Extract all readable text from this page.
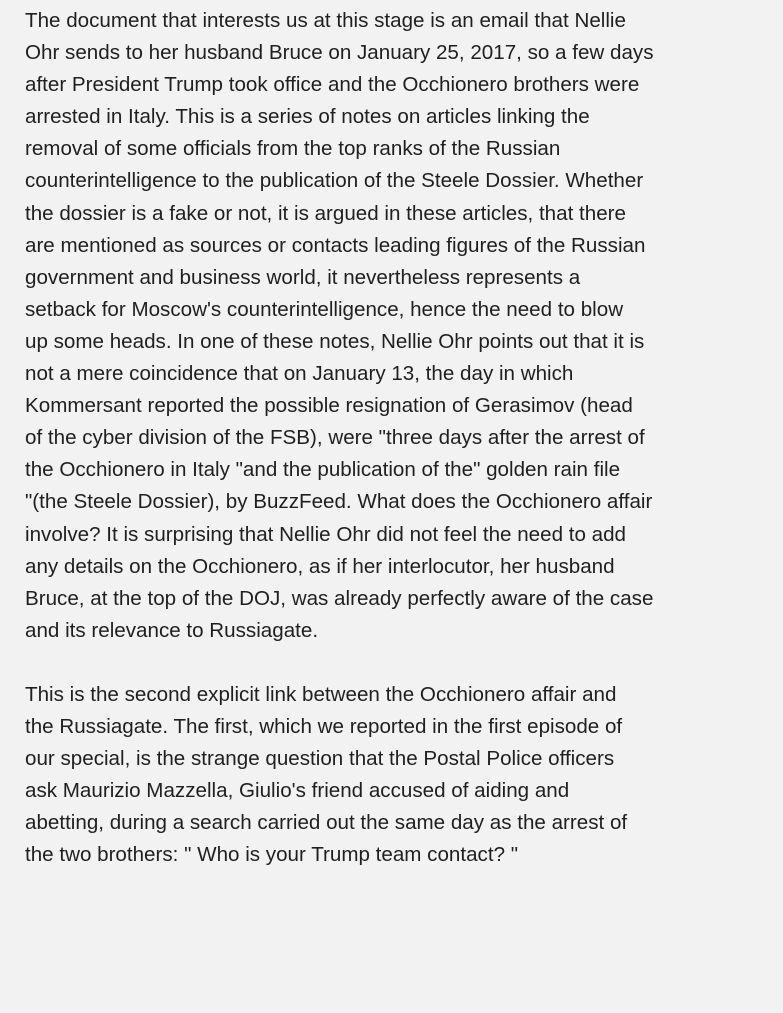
The document that interests us at this stage is an email that Nellie
Ohr sends to her husband Bruce on January 25, 2017, so a few days
after President Trump took office and the Occhionero brothers were
arrested in Italy. This is a series of notes on articles linking the
removal of some officials from the top ranks of the Russian
counterintelligence to the publication of the Steele Dossier. Whether
the dossier is a fake or not, it is argued in these articles, that there
are mentioned as sources or contacts leading figures of the Russian
government and business world, it nevertheless represents a
setback for Moscow's counterintelligence, hence the need to blow
up some heads. In one of these notes, Nellie Ohr points out that it is
not a mere coincidence that on January 13, the day in which
Kommersant reported the possible resignation of Gerasimov (head
of the cyber division of the FSB), were "three days after the arrest of
the Occhionero in Italy "and the publication of the" golden rain file
"(the Steele Dossier), by BuzzFeed. What does the Occhionero affair
involve? It is surprising that Nellie Ohr did not feel the need to add
any details on the Occhionero, as if her interlocutor, her husband
Bruce, at the top of the DOJ, was already perfectly aware of the case
and its relevance to Russiagate.

This is the second explicit link between the Occhionero affair and
the Russiagate. The first, which we reported in the first episode of
our special, is the strange question that the Postal Police officers
ask Maurizio Mazzella, Giulio's friend accused of aiding and
abetting, during a search carried out the same day as the arrest of
the two brothers: " Who is your Trump team contact? "
